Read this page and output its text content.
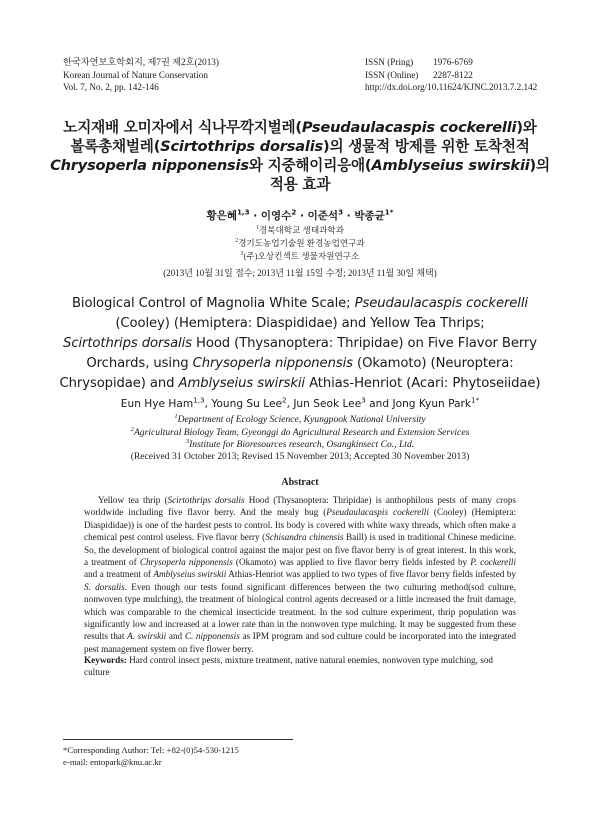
한국자연보호학회지, 제7권 제2호(2013)
Korean Journal of Nature Conservation
Vol. 7, No. 2, pp. 142-146
ISSN (Pring) 1976-6769
ISSN (Online) 2287-8122
http://dx.doi.org/10.11624/KJNC.2013.7.2.142
노지재배 오미자에서 식나무깍지벌레(Pseudaulacaspis cockerelli)와
볼록총채벌레(Scirtothrips dorsalis)의 생물적 방제를 위한 토착천적
Chrysoperla nipponensis와 지중해이리응애(Amblyseius swirskii)의
적용 효과
황은혜$^{1,3}$ · 이영수$^2$ · 이준석$^3$ · 박종균$^{1*}$
$^1$경북대학교 생태과학과
$^2$경기도농업기술원 환경농업연구과
$^3$(주)오상킨섹트 생물자원연구소
(2013년 10월 31일 접수; 2013년 11월 15일 수정; 2013년 11월 30일 채택)
Biological Control of Magnolia White Scale; Pseudaulacaspis cockerelli
(Cooley) (Hemiptera: Diaspididae) and Yellow Tea Thrips;
Scirtothrips dorsalis Hood (Thysanoptera: Thripidae) on Five Flavor Berry
Orchards, using Chrysoperla nipponensis (Okamoto) (Neuroptera:
Chrysopidae) and Amblyseius swirskii Athias-Henriot (Acari: Phytoseiidae)
Eun Hye Ham$^{1,3}$, Young Su Lee$^2$, Jun Seok Lee$^3$ and Jong Kyun Park$^{1*}$
$^1$Department of Ecology Science, Kyungpook National University
$^2$Agricultural Biology Team, Gyeonggi do Agricultural Research and Extension Services
$^3$Institute for Bioresources research, Osangkinsect Co., Ltd.
(Received 31 October 2013; Revised 15 November 2013; Accepted 30 November 2013)
Abstract
Yellow tea thrip (Scirtothrips dorsalis Hood (Thysanoptera: Thripidae) is anthophilous pests of many crops worldwide including five flavor berry. And the mealy bug (Pseudaulacaspis cockerelli (Cooley) (Hemiptera: Diaspididae)) is one of the hardest pests to control. Its body is covered with white waxy threads, which often make a chemical pest control useless. Five flavor berry (Schisandra chinensis Baill) is used in traditional Chinese medicine. So, the development of biological control against the major pest on five flavor berry is of great interest. In this work, a treatment of Chrysoperla nipponensis (Okamoto) was applied to five flavor berry fields infested by P. cockerelli and a treatment of Amblyseius swirskii Athias-Henriot was applied to two types of five flavor berry fields infested by S. dorsalis. Even though our tests found significant differences between the two culturing method(sod culture, nonwoven type mulching), the treatment of biological control agents decreased or a little increased the fruit damage, which was comparable to the chemical insecticide treatment. In the sod culture experiment, thrip population was significantly low and increased at a lower rate than in the nonwoven type mulching. It may be suggested from these results that A. swirskii and C. nipponensis as IPM program and sod culture could be incorporated into the integrated pest management system on five flower berry.
Keywords: Hard control insect pests, mixture treatment, native natural enemies, nonwoven type mulching, sod culture
*Corresponding Author: Tel: +82-(0)54-530-1215
e-mail: entopark@knu.ac.kr
